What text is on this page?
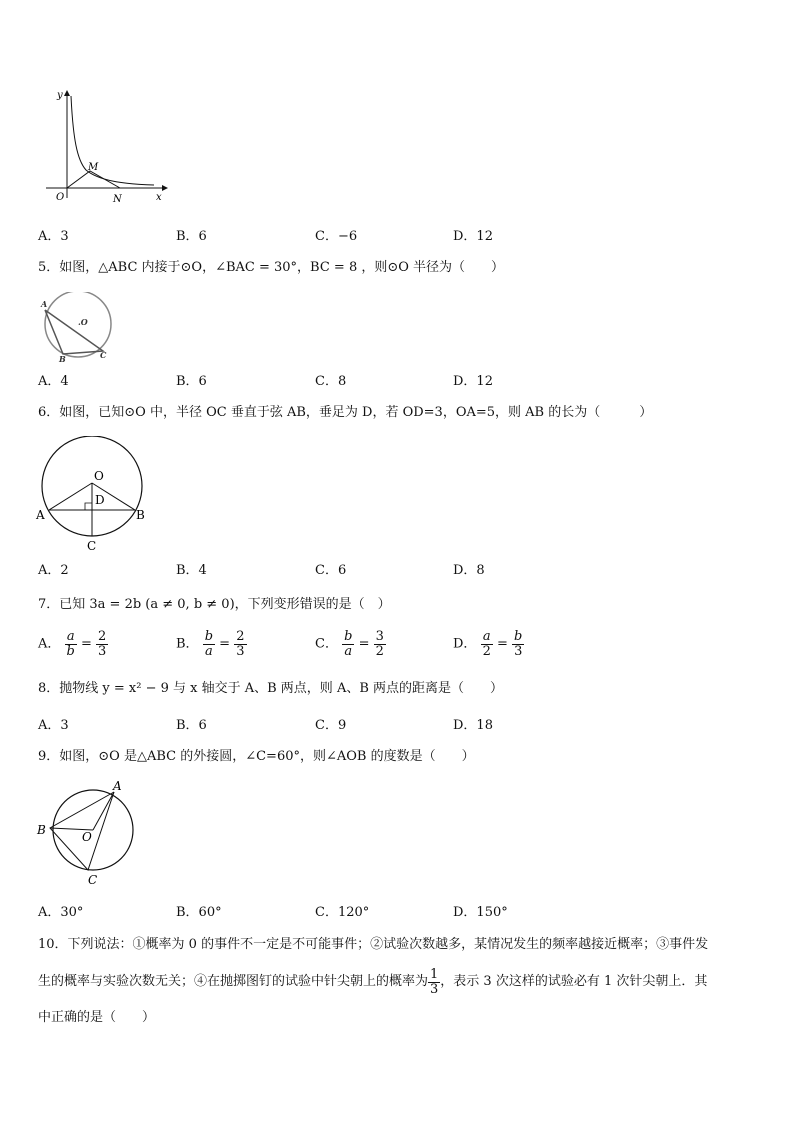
y
x
O
M
N
A．3	B．6	C．−6	D．12
5．如图，△ABC 内接于⊙O，∠BAC = 30°，BC = 8 ，则⊙O 半径为（　　）
A
B	C
.O
A．4	B．6	C．8	D．12
6．如图，已知⊙O 中，半径 OC 垂直于弦 AB，垂足为 D，若 OD=3，OA=5，则 AB 的长为（　　　）
O
D
A	B
C
A．2	B．4	C．6	D．8
7．已知 3a = 2b (a ≠ 0, b ≠ 0)，下列变形错误的是（　）
A． $\frac{a}{b} = \frac{2}{3}$	B． $\frac{b}{a} = \frac{2}{3}$	C． $\frac{b}{a} = \frac{3}{2}$	D． $\frac{a}{2} = \frac{b}{3}$
8．抛物线 y = x² − 9 与 x 轴交于 A、B 两点，则 A、B 两点的距离是（　　）
A．3	B．6	C．9	D．18
9．如图，⊙O 是△ABC 的外接圆，∠C=60°，则∠AOB 的度数是（　　）
A
B
C
O
A．30°	B．60°	C．120°	D．150°
10．下列说法：①概率为 0 的事件不一定是不可能事件；②试验次数越多，某情况发生的频率越接近概率；③事件发
生的概率与实验次数无关；④在抛掷图钉的试验中针尖朝上的概率为 $\frac{1}{3}$ ，表示 3 次这样的试验必有 1 次针尖朝上．其
中正确的是（　　）
